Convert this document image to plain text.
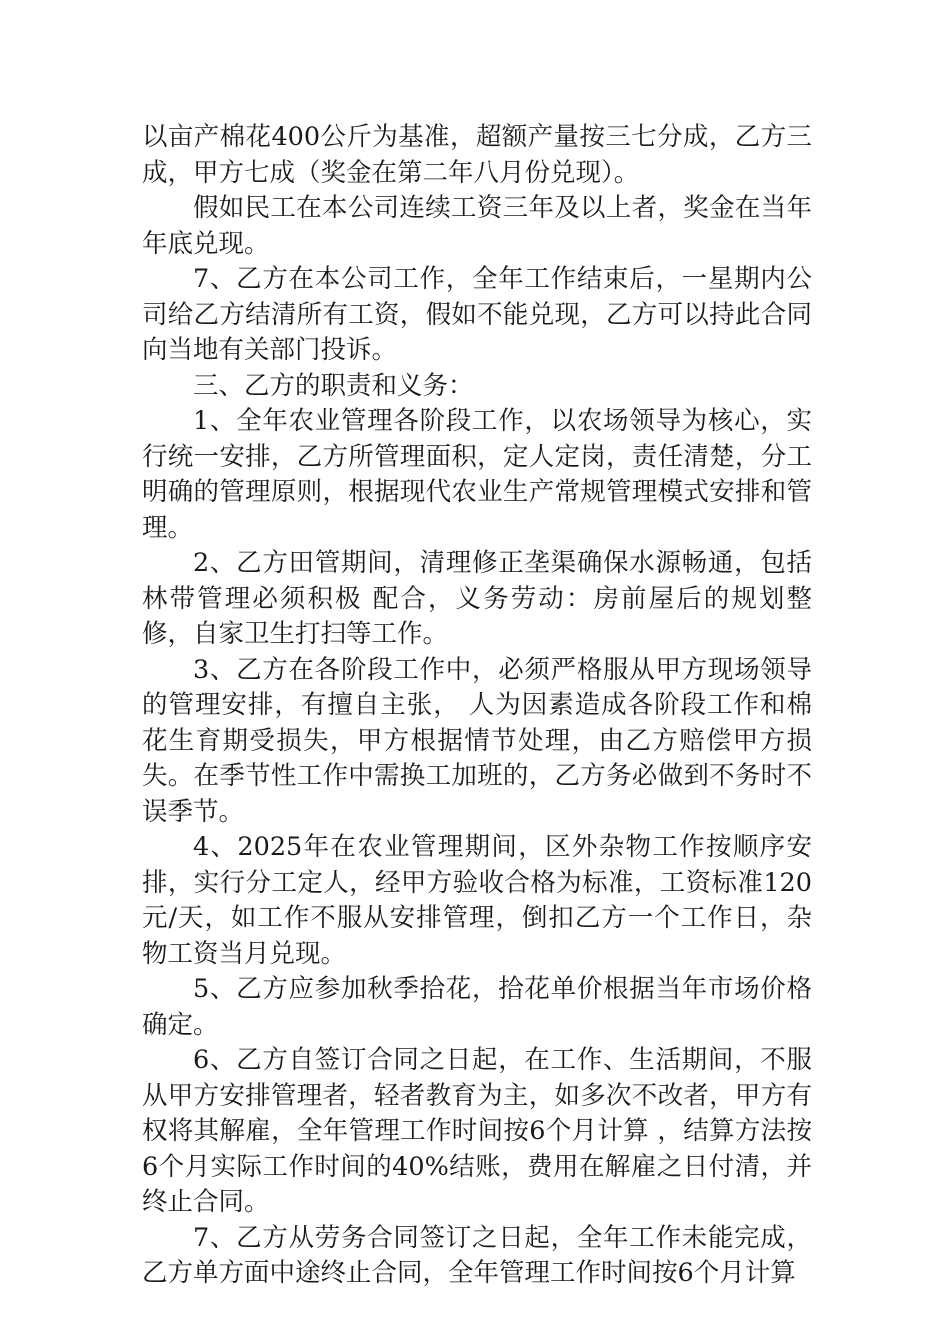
以亩产棉花400公斤为基准，超额产量按三七分成，乙方三成，甲方七成（奖金在第二年八月份兑现）。

假如民工在本公司连续工资三年及以上者，奖金在当年年底兑现。

7、乙方在本公司工作，全年工作结束后，一星期内公司给乙方结清所有工资，假如不能兑现，乙方可以持此合同向当地有关部门投诉。

三、乙方的职责和义务：

1、全年农业管理各阶段工作，以农场领导为核心，实行统一安排，乙方所管理面积，定人定岗，责任清楚，分工明确的管理原则，根据现代农业生产常规管理模式安排和管理。

2、乙方田管期间，清理修正垄渠确保水源畅通，包括林带管理必须积极 配合，义务劳动：房前屋后的规划整修，自家卫生打扫等工作。

3、乙方在各阶段工作中，必须严格服从甲方现场领导的管理安排，有擅自主张， 人为因素造成各阶段工作和棉花生育期受损失，甲方根据情节处理，由乙方赔偿甲方损失。在季节性工作中需换工加班的，乙方务必做到不务时不误季节。

4、2025年在农业管理期间，区外杂物工作按顺序安排，实行分工定人，经甲方验收合格为标准，工资标准120元/天，如工作不服从安排管理，倒扣乙方一个工作日，杂物工资当月兑现。

5、乙方应参加秋季拾花，拾花单价根据当年市场价格确定。

6、乙方自签订合同之日起，在工作、生活期间，不服从甲方安排管理者，轻者教育为主，如多次不改者，甲方有权将其解雇，全年管理工作时间按6个月计算 ，结算方法按6个月实际工作时间的40%结账，费用在解雇之日付清，并终止合同。

7、乙方从劳务合同签订之日起，全年工作未能完成，乙方单方面中途终止合同，全年管理工作时间按6个月计算
